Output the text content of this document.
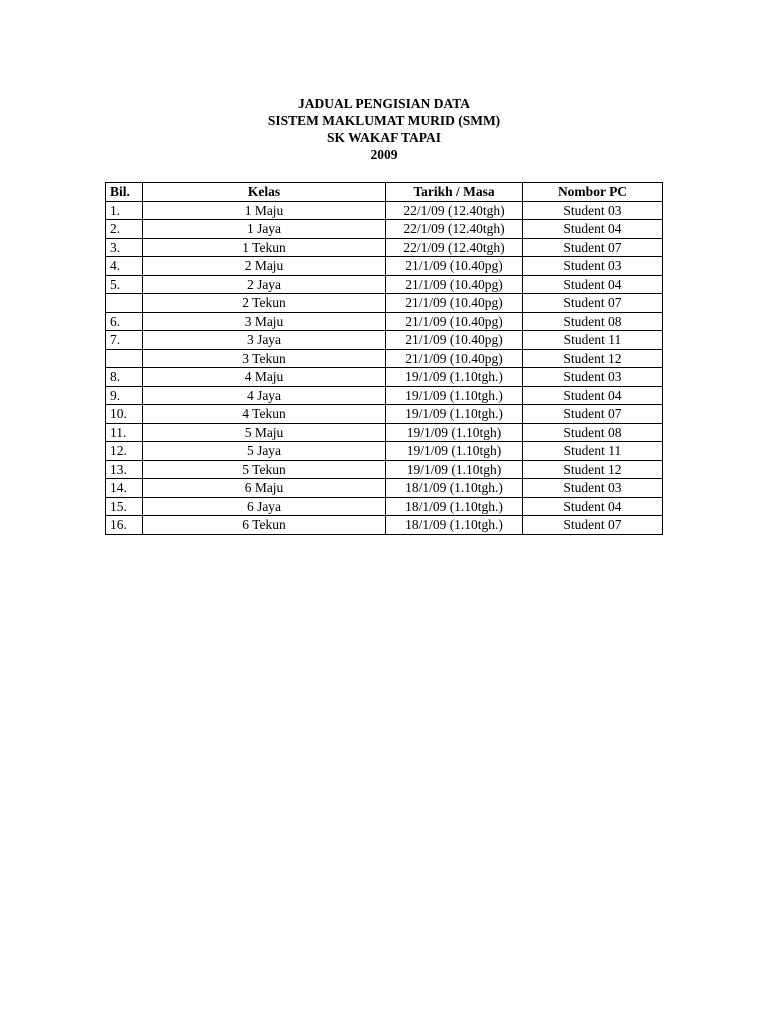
JADUAL PENGISIAN DATA
SISTEM MAKLUMAT MURID (SMM)
SK WAKAF TAPAI
2009
Bil.	Kelas	Tarikh / Masa	Nombor PC
1.	1 Maju	22/1/09 (12.40tgh)	Student 03
2.	1 Jaya	22/1/09 (12.40tgh)	Student 04
3.	1 Tekun	22/1/09 (12.40tgh)	Student 07
4.	2 Maju	21/1/09 (10.40pg)	Student 03
5.	2 Jaya	21/1/09 (10.40pg)	Student 04
	2 Tekun	21/1/09 (10.40pg)	Student 07
6.	3 Maju	21/1/09 (10.40pg)	Student 08
7.	3 Jaya	21/1/09 (10.40pg)	Student 11
	3 Tekun	21/1/09 (10.40pg)	Student 12
8.	4 Maju	19/1/09 (1.10tgh.)	Student 03
9.	4 Jaya	19/1/09 (1.10tgh.)	Student 04
10.	4 Tekun	19/1/09 (1.10tgh.)	Student 07
11.	5 Maju	19/1/09 (1.10tgh)	Student 08
12.	5 Jaya	19/1/09 (1.10tgh)	Student 11
13.	5 Tekun	19/1/09 (1.10tgh)	Student 12
14.	6 Maju	18/1/09 (1.10tgh.)	Student 03
15.	6 Jaya	18/1/09 (1.10tgh.)	Student 04
16.	6 Tekun	18/1/09 (1.10tgh.)	Student 07
